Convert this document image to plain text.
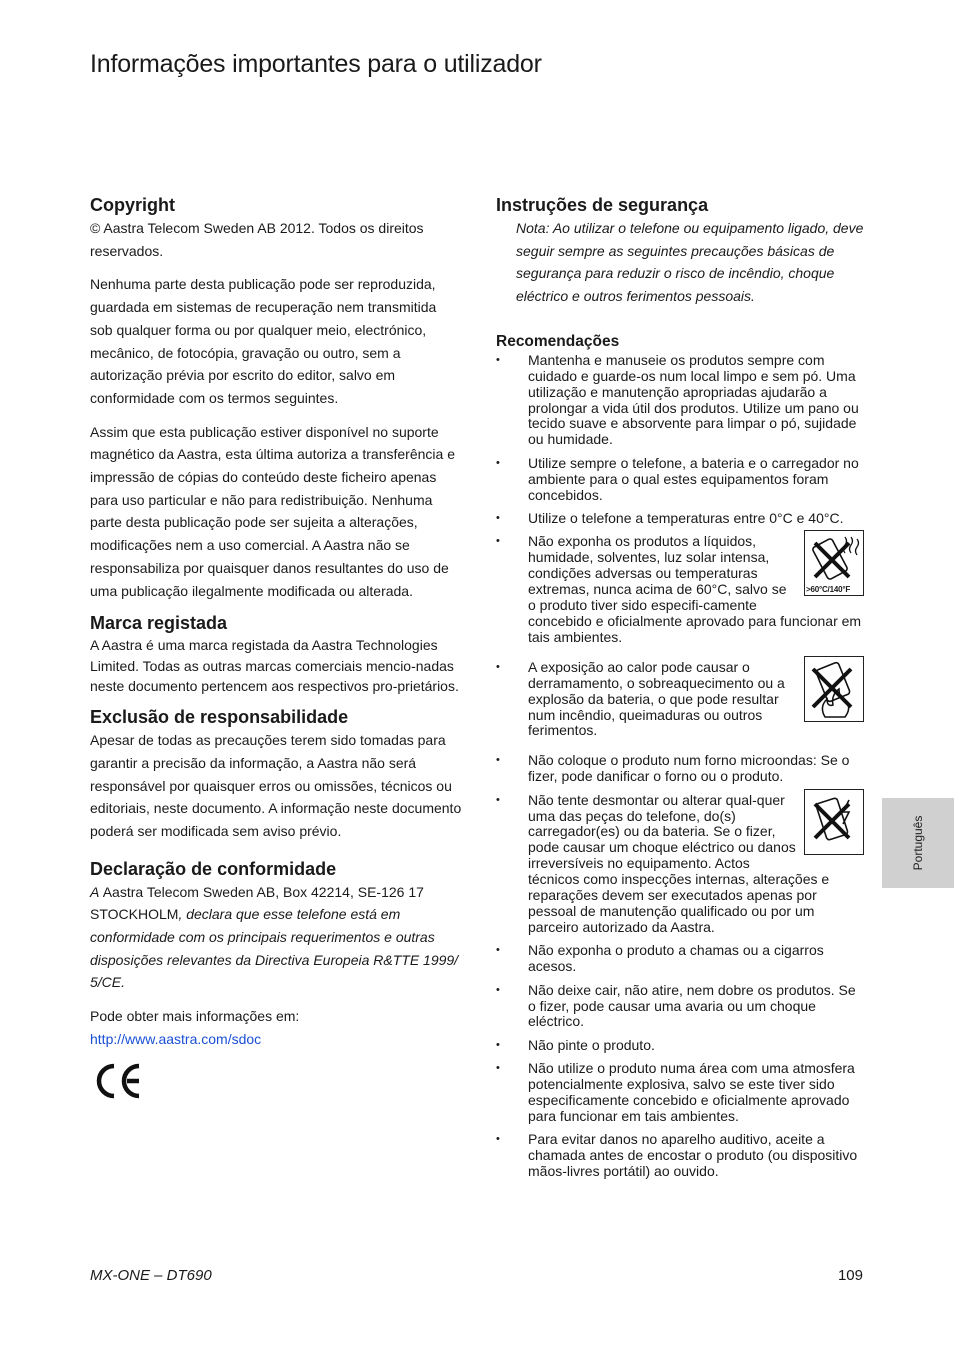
Informações importantes para o utilizador
Copyright

© Aastra Telecom Sweden AB 2012. Todos os direitos reservados.

Nenhuma parte desta publicação pode ser reproduzida, guardada em sistemas de recuperação nem transmitida sob qualquer forma ou por qualquer meio, electrónico, mecânico, de fotocópia, gravação ou outro, sem a autorização prévia por escrito do editor, salvo em conformidade com os termos seguintes.

Assim que esta publicação estiver disponível no suporte magnético da Aastra, esta última autoriza a transferência e impressão de cópias do conteúdo deste ficheiro apenas para uso particular e não para redistribuição. Nenhuma parte desta publicação pode ser sujeita a alterações, modificações nem a uso comercial. A Aastra não se responsabiliza por quaisquer danos resultantes do uso de uma publicação ilegalmente modificada ou alterada.

Marca registada

A Aastra é uma marca registada da Aastra Technologies Limited. Todas as outras marcas comerciais mencio-nadas neste documento pertencem aos respectivos pro-prietários.

Exclusão de responsabilidade

Apesar de todas as precauções terem sido tomadas para garantir a precisão da informação, a Aastra não será responsável por quaisquer erros ou omissões, técnicos ou editoriais, neste documento. A informação neste documento poderá ser modificada sem aviso prévio.

Declaração de conformidade

A Aastra Telecom Sweden AB, Box 42214, SE-126 17 STOCKHOLM, declara que esse telefone está em conformidade com os principais requerimentos e outras disposições relevantes da Directiva Europeia R&TTE 1999/ 5/CE.

Pode obter mais informações em:

http://www.aastra.com/sdoc
Instruções de segurança

Nota: Ao utilizar o telefone ou equipamento ligado, deve seguir sempre as seguintes precauções básicas de segurança para reduzir o risco de incêndio, choque eléctrico e outros ferimentos pessoais.

Recomendações
• Mantenha e manuseie os produtos sempre com cuidado e guarde-os num local limpo e sem pó. Uma utilização e manutenção apropriadas ajudarão a prolongar a vida útil dos produtos. Utilize um pano ou tecido suave e absorvente para limpar o pó, sujidade ou humidade.
• Utilize sempre o telefone, a bateria e o carregador no ambiente para o qual estes equipamentos foram concebidos.
• Utilize o telefone a temperaturas entre 0°C e 40°C.
• $^{>60^\circ C/140^\circ F}$
Não exponha os produtos a líquidos, humidade, solventes, luz solar intensa, condições adversas ou temperaturas extremas, nunca acima de 60°C, salvo se o produto tiver sido especifi-camente concebido e oficialmente aprovado para funcionar em tais ambientes.
• A exposição ao calor pode causar o derramamento, o sobreaquecimento ou a explosão da bateria, o que pode resultar num incêndio, queimaduras ou outros ferimentos.
• Não coloque o produto num forno microondas: Se o fizer, pode danificar o forno ou o produto.
• Não tente desmontar ou alterar qual-quer uma das peças do telefone, do(s) carregador(es) ou da bateria. Se o fizer, pode causar um choque eléctrico ou danos irreversíveis no equipamento. Actos técnicos como inspecções internas, alterações e reparações devem ser executados apenas por pessoal de manutenção qualificado ou por um parceiro autorizado da Aastra.
• Não exponha o produto a chamas ou a cigarros acesos.
• Não deixe cair, não atire, nem dobre os produtos. Se o fizer, pode causar uma avaria ou um choque eléctrico.
• Não pinte o produto.
• Não utilize o produto numa área com uma atmosfera potencialmente explosiva, salvo se este tiver sido especificamente concebido e oficialmente aprovado para funcionar em tais ambientes.
• Para evitar danos no aparelho auditivo, aceite a chamada antes de encostar o produto (ou dispositivo mãos-livres portátil) ao ouvido.
Português
MX-ONE – DT690	109
